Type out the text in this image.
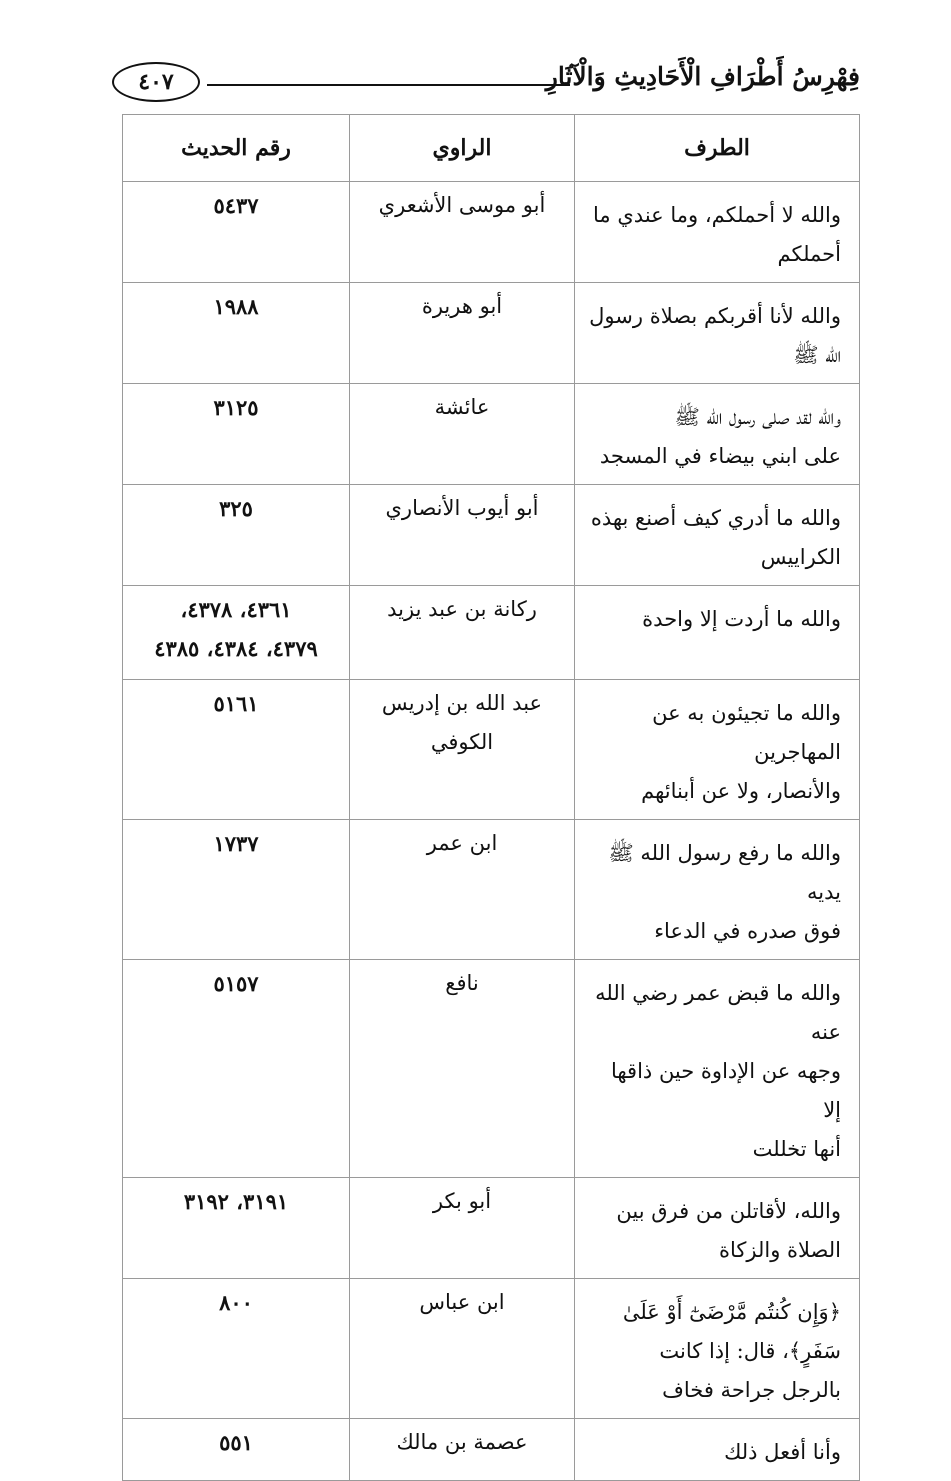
فِهْرِسُ أَطْرَافِ الْأَحَادِيثِ وَالْآثَارِ
٤٠٧
الطرف	الراوي	رقم الحديث

والله لا أحملكم، وما عندي ما
أحملكم	أبو موسى الأشعري	٥٤٣٧

والله لأنا أقربكم بصلاة رسول
الله ﷺ	أبو هريرة	١٩٨٨

والله لقد صلى رسول الله ﷺ
على ابني بيضاء في المسجد	عائشة	٣١٢٥

والله ما أدري كيف أصنع بهذه
الكراييس	أبو أيوب الأنصاري	٣٢٥

والله ما أردت إلا واحدة	ركانة بن عبد يزيد	٤٣٦١، ٤٣٧٨،
٤٣٧٩، ٤٣٨٤، ٤٣٨٥

والله ما تجيئون به عن المهاجرين
والأنصار، ولا عن أبنائهم	عبد الله بن إدريس
الكوفي	٥١٦١

والله ما رفع رسول الله ﷺ يديه
فوق صدره في الدعاء	ابن عمر	١٧٣٧

والله ما قبض عمر رضي الله عنه
وجهه عن الإداوة حين ذاقها إلا
أنها تخللت	نافع	٥١٥٧

والله، لأقاتلن من فرق بين
الصلاة والزكاة	أبو بكر	٣١٩١، ٣١٩٢

﴿وَإِن كُنتُم مَّرْضَىٰٓ أَوْ عَلَىٰ
سَفَرٍ﴾، قال: إذا كانت
بالرجل جراحة فخاف	ابن عباس	٨٠٠

وأنا أفعل ذلك	عصمة بن مالك	٥٥١
